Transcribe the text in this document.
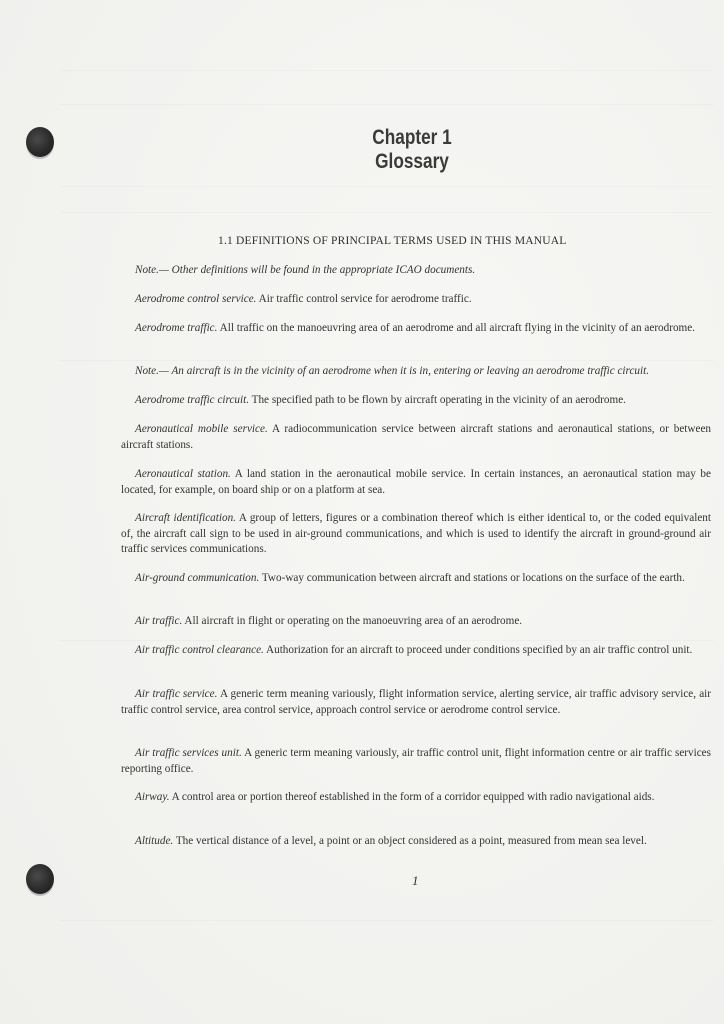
Chapter 1
Glossary
1.1 DEFINITIONS OF PRINCIPAL TERMS USED IN THIS MANUAL
Note.— Other definitions will be found in the appropriate ICAO documents.
Aerodrome control service. Air traffic control service for aerodrome traffic.
Aerodrome traffic. All traffic on the manoeuvring area of an aerodrome and all aircraft flying in the vicinity of an aerodrome.
Note.— An aircraft is in the vicinity of an aerodrome when it is in, entering or leaving an aerodrome traffic circuit.
Aerodrome traffic circuit. The specified path to be flown by aircraft operating in the vicinity of an aerodrome.
Aeronautical mobile service. A radiocommunication service between aircraft stations and aeronautical stations, or between aircraft stations.
Aeronautical station. A land station in the aeronautical mobile service. In certain instances, an aeronautical station may be located, for example, on board ship or on a platform at sea.
Aircraft identification. A group of letters, figures or a combination thereof which is either identical to, or the coded equivalent of, the aircraft call sign to be used in air-ground communications, and which is used to identify the aircraft in ground-ground air traffic services communications.
Air-ground communication. Two-way communication between aircraft and stations or locations on the surface of the earth.
Air traffic. All aircraft in flight or operating on the manoeuvring area of an aerodrome.
Air traffic control clearance. Authorization for an aircraft to proceed under conditions specified by an air traffic control unit.
Air traffic service. A generic term meaning variously, flight information service, alerting service, air traffic advisory service, air traffic control service, area control service, approach control service or aerodrome control service.
Air traffic services unit. A generic term meaning variously, air traffic control unit, flight information centre or air traffic services reporting office.
Airway. A control area or portion thereof established in the form of a corridor equipped with radio navigational aids.
Altitude. The vertical distance of a level, a point or an object considered as a point, measured from mean sea level.
1
